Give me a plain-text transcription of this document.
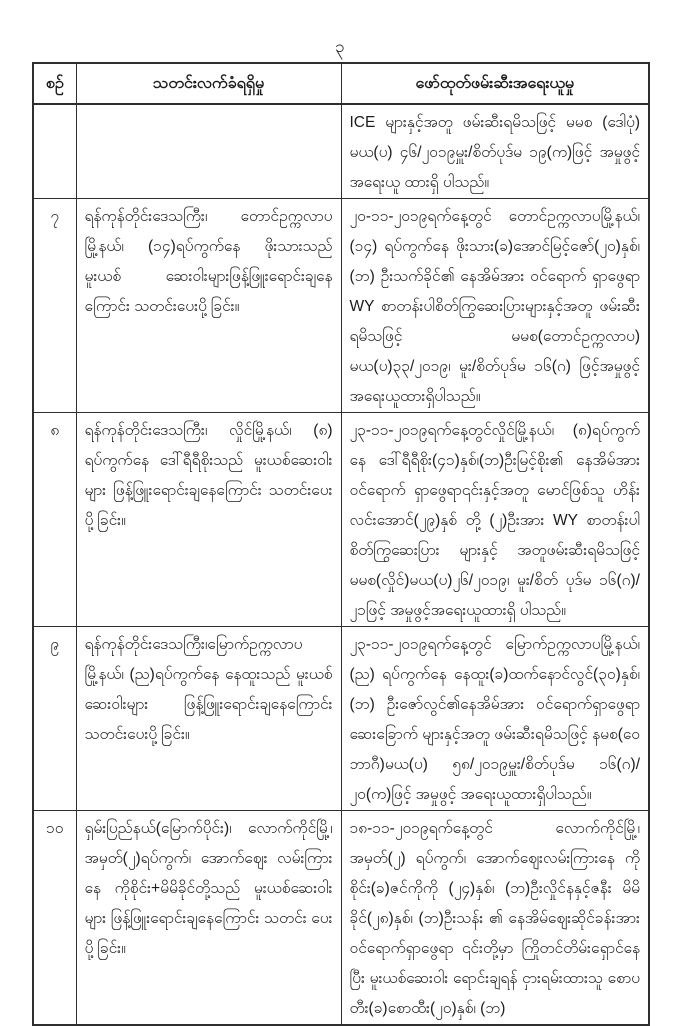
၃
စဉ်	သတင်းလက်ခံရရှိမှု	ဖော်ထုတ်ဖမ်းဆီးအရေးယူမှု
		ICE များနှင့်အတူ ဖမ်းဆီးရမိသဖြင့် မမစ (ဒေါပုံ) မယ(ပ) ၄၆/၂၀၁၉မှူး/စိတ်ပုဒ်မ ၁၉(က)ဖြင့် အမှုဖွင့် အရေးယူ ထားရှိ ပါသည်။
၇	ရန်ကုန်တိုင်းဒေသကြီး၊ တောင်ဥက္ကလာပ မြို့နယ်၊ (၁၄)ရပ်ကွက်နေ ဖိုးသားသည် မူးယစ် ဆေးဝါးများဖြန့်ဖြူးရောင်းချနေကြောင်း သတင်းပေးပို့ခြင်း။	၂၀-၁၁-၂၀၁၉ရက်နေ့တွင် တောင်ဥက္ကလာပမြို့နယ်၊ (၁၄) ရပ်ကွက်နေ ဖိုးသား(ခ)အောင်မြင့်ဇော်(၂၀)နှစ်၊ (ဘ) ဦးသက်ခိုင်၏ နေအိမ်အား ဝင်ရောက် ရှာဖွေရာ WY စာတန်းပါစိတ်ကြွဆေးပြားများနှင့်အတူ ဖမ်းဆီးရမိသဖြင့် မမစ(တောင်ဥက္ကလာပ) မယ(ပ)၃၃/၂၀၁၉၊ မူး/စိတ်ပုဒ်မ ၁၆(ဂ) ဖြင့်အမှုဖွင့် အရေးယူထားရှိပါသည်။
၈	ရန်ကုန်တိုင်းဒေသကြီး၊ လှိုင်မြို့နယ်၊ (၈) ရပ်ကွက်နေ ဒေါ်ရီရီစိုးသည် မူးယစ်ဆေးဝါးများ ဖြန့်ဖြူးရောင်းချနေကြောင်း သတင်းပေးပို့ခြင်း။	၂၃-၁၁-၂၀၁၉ရက်နေ့တွင်လှိုင်မြို့နယ်၊ (၈)ရပ်ကွက်နေ ဒေါ်ရီရီစိုး(၄၁)နှစ်၊(ဘ)ဦးမြင့်စိုး၏ နေအိမ်အား ဝင်ရောက် ရှာဖွေရာ၎င်းနှင့်အတူ မောင်ဖြစ်သူ ဟိန်းလင်းအောင်(၂၉)နှစ် တို့ (၂)ဦးအား WY စာတန်းပါ စိတ်ကြွဆေးပြား များနှင့် အတူဖမ်းဆီးရမိသဖြင့် မမစ(လှိုင်)မယ(ပ)၂၆/၂၀၁၉၊ မူး/စိတ် ပုဒ်မ ၁၆(ဂ)/၂၁ဖြင့် အမှုဖွင့်အရေးယူထားရှိ ပါသည်။
၉	ရန်ကုန်တိုင်းဒေသကြီး၊မြောက်ဥက္ကလာပ မြို့နယ်၊ (ည)ရပ်ကွက်နေ နေထူးသည် မူးယစ် ဆေးဝါးများ ဖြန့်ဖြူးရောင်းချနေကြောင်း သတင်းပေးပို့ခြင်း။	၂၃-၁၁-၂၀၁၉ရက်နေ့တွင် မြောက်ဥက္ကလာပမြို့နယ်၊ (ည) ရပ်ကွက်နေ နေထူး(ခ)ထက်နောင်လွင်(၃၀)နှစ်၊ (ဘ) ဦးဇော်လွင်၏နေအိမ်အား ဝင်ရောက်ရှာဖွေရာ ဆေးခြောက် များနှင့်အတူ ဖမ်းဆီးရမိသဖြင့် နမစ(ဝေဘာဂီ)မယ(ပ) ၅၈/၂၀၁၉မှူး/စိတ်ပုဒ်မ ၁၆(ဂ)/၂၀(က)ဖြင့် အမှုဖွင့် အရေးယူထားရှိပါသည်။
၁၀	ရှမ်းပြည်နယ်(မြောက်ပိုင်း)၊ လောက်ကိုင်မြို့၊ အမှတ်(၂)ရပ်ကွက်၊ အောက်ဈေး လမ်းကြား နေ ကိုစိုင်း+မိမိခိုင်တို့သည် မူးယစ်ဆေးဝါး များ ဖြန့်ဖြူးရောင်းချနေကြောင်း သတင်း ပေးပို့ခြင်း။	၁၈-၁၁-၂၀၁၉ရက်နေ့တွင် လောက်ကိုင်မြို့၊ အမှတ်(၂) ရပ်ကွက်၊ အောက်ဈေးလမ်းကြားနေ ကိုစိုင်း(ခ)ဇင်ကိုကို (၂၄)နှစ်၊ (ဘ)ဦးလှိုင်နနှင့်ဇနီး မိမိခိုင်(၂၈)နှစ်၊ (ဘ)ဦးသန်း ၏ နေအိမ်ဈေးဆိုင်ခန်းအား ဝင်ရောက်ရှာဖွေရာ ၎င်းတို့မှာ ကြိုတင်တိမ်းရှောင်နေပြီး မူးယစ်ဆေးဝါး ရောင်းချရန် ငှားရမ်းထားသူ စောပတီး(ခ)စောထီး(၂၀)နှစ်၊ (ဘ)
